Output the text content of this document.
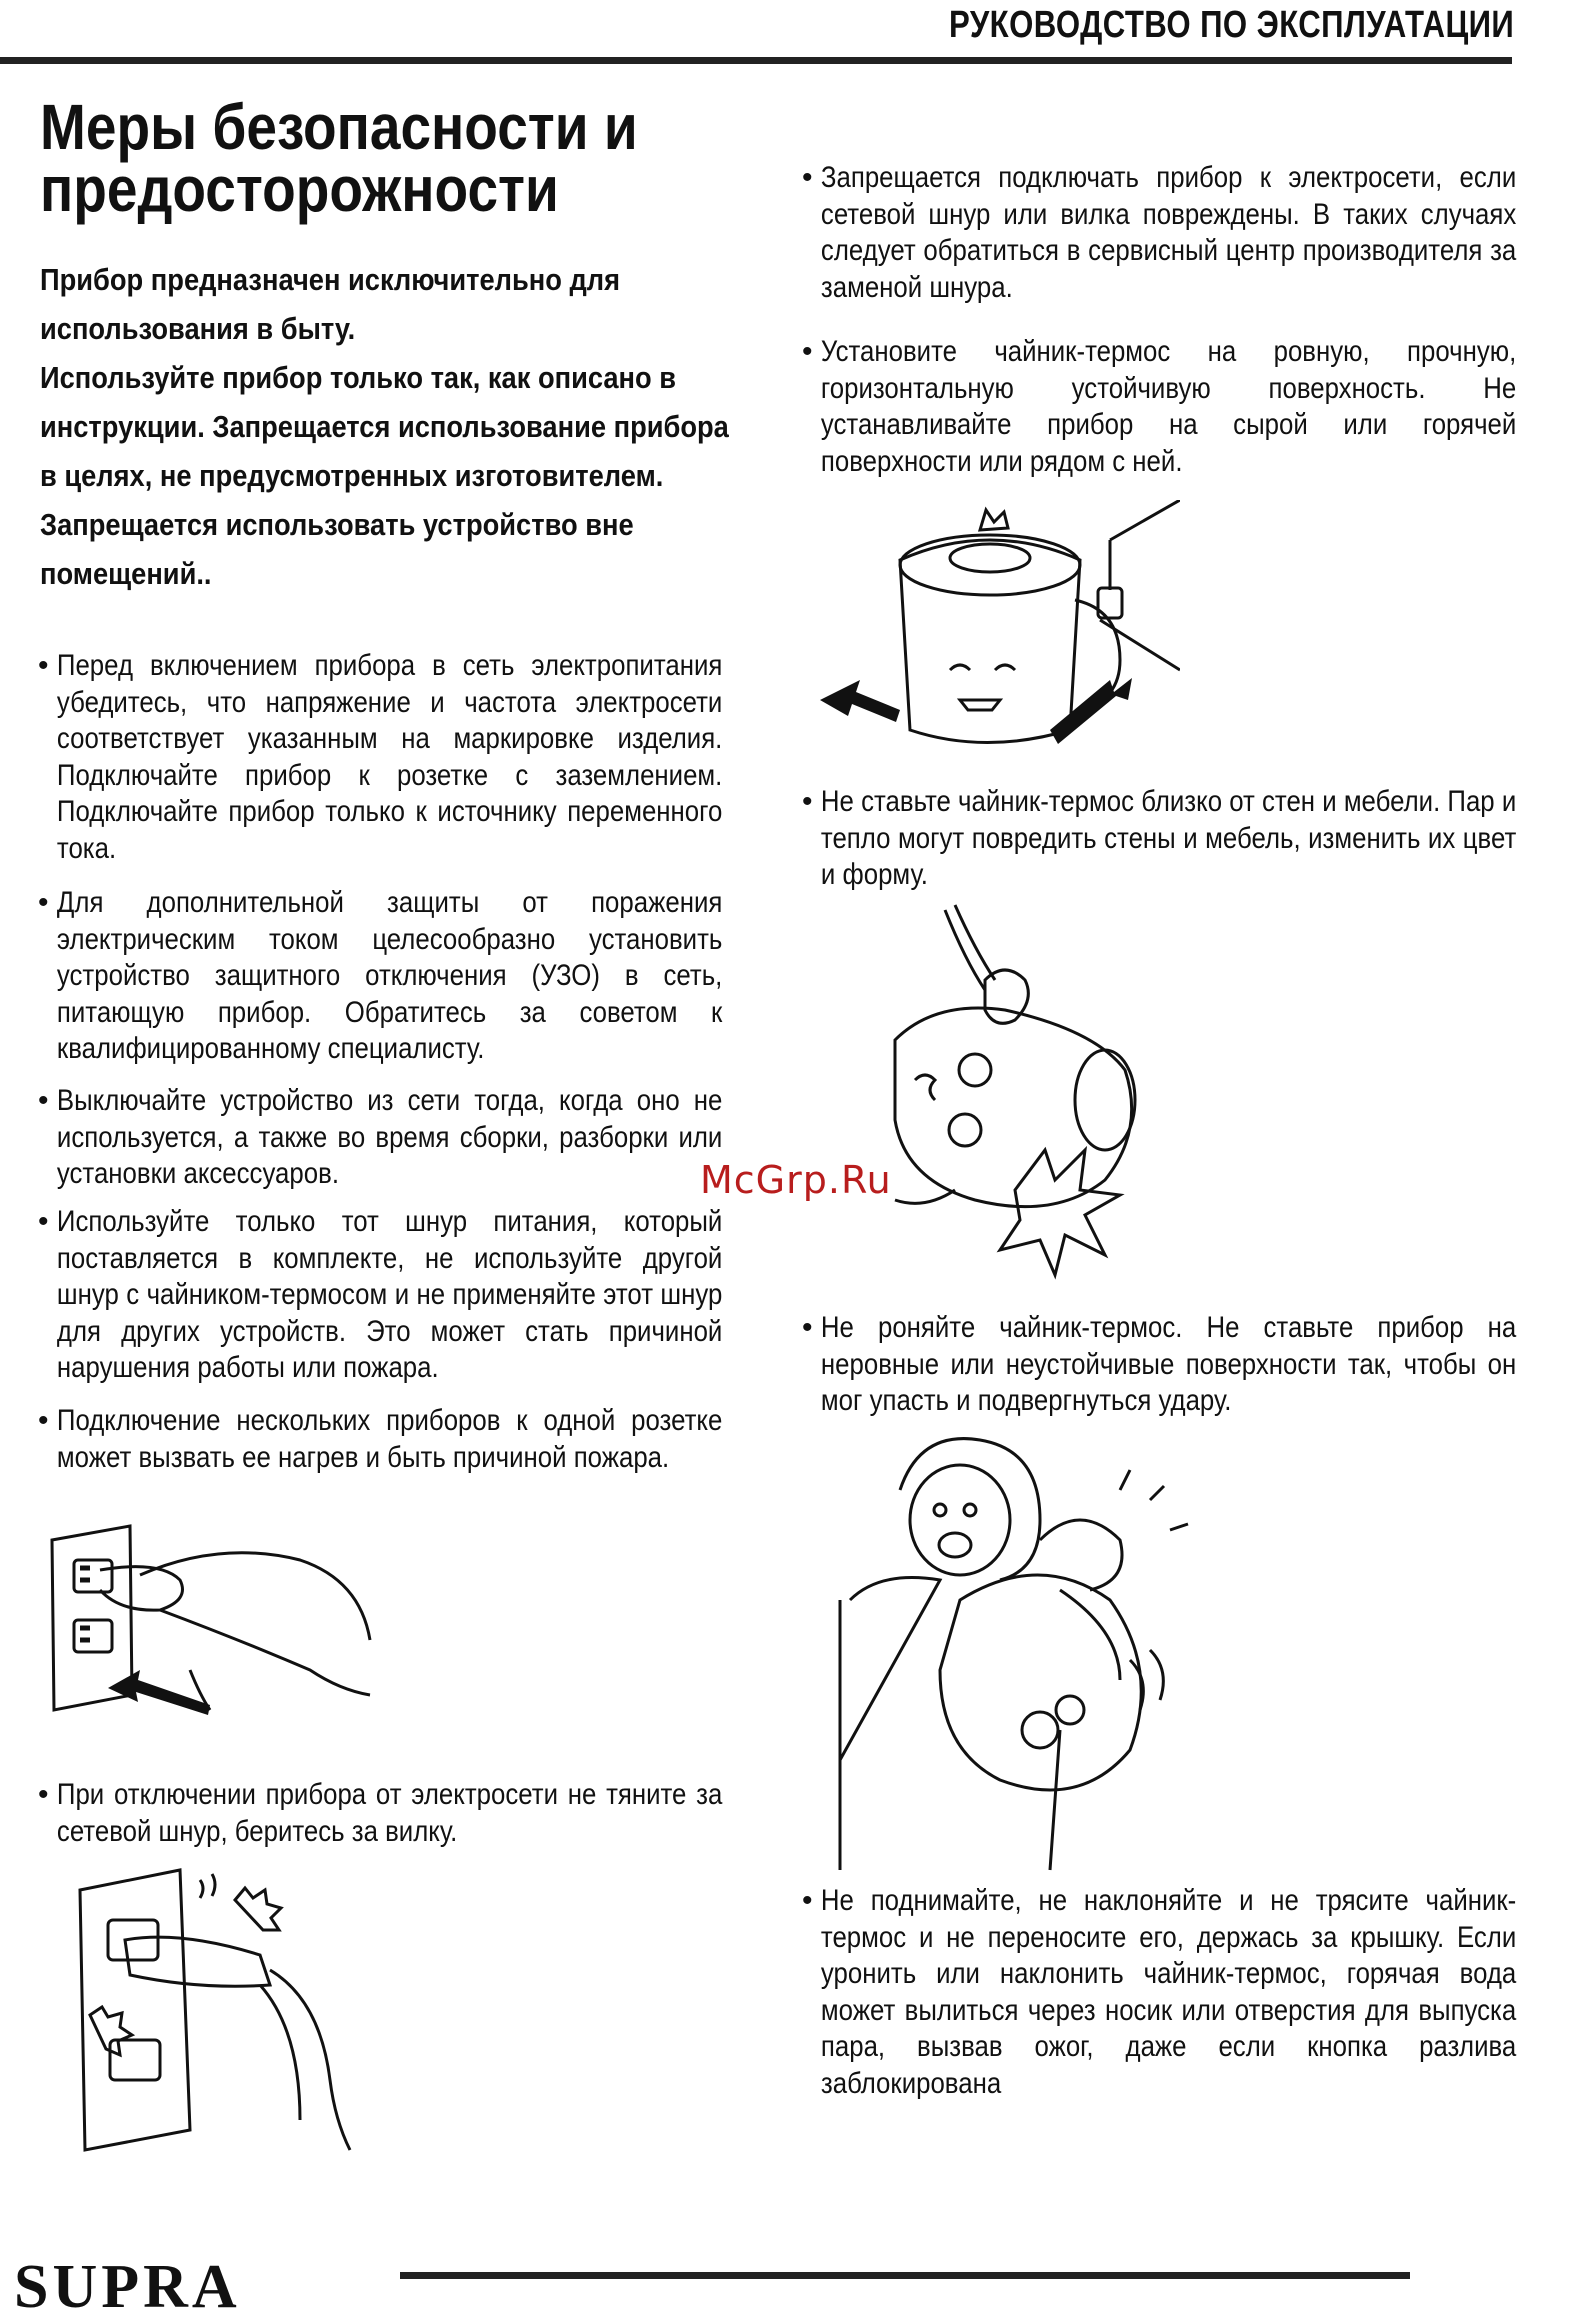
РУКОВОДСТВО ПО ЭКСПЛУАТАЦИИ
Меры безопасности и предосторожности

Прибор предназначен исключительно для использования в быту.

Используйте прибор только так, как описано в инструкции. Запрещается использование прибора в целях, не предусмотренных изготовителем.

Запрещается использовать устройство вне помещений..

• Перед включением прибора в сеть электропитания убедитесь, что напряжение и частота электросети соответствует указанным на маркировке изделия. Подключайте прибор к розетке с заземлением. Подключайте прибор только к источнику переменного тока.
• Для дополнительной защиты от поражения электрическим током целесообразно установить устройство защитного отключения (УЗО) в сеть, питающую прибор. Обратитесь за советом к квалифицированному специалисту.
• Выключайте устройство из сети тогда, когда оно не используется, а также во время сборки, разборки или установки аксессуаров.
• Используйте только тот шнур питания, который поставляется в комплекте, не используйте другой шнур с чайником-термосом и не применяйте этот шнур для других устройств. Это может стать причиной нарушения работы или пожара.
• Подключение нескольких приборов к одной розетке может вызвать ее нагрев и быть причиной пожара.
• При отключении прибора от электросети не тяните за сетевой шнур, беритесь за вилку.
• Запрещается подключать прибор к электросети, если сетевой шнур или вилка повреждены. В таких случаях следует обратиться в сервисный центр производителя за заменой шнура.
• Установите чайник-термос на ровную, прочную, горизонтальную устойчивую поверхность. Не устанавливайте прибор на сырой или горячей поверхности или рядом с ней.
• Не ставьте чайник-термос близко от стен и мебели. Пар и тепло могут повредить стены и мебель, изменить их цвет и форму.
• Не роняйте чайник-термос. Не ставьте прибор на неровные или неустойчивые поверхности так, чтобы он мог упасть и подвергнуться удару.
• Не поднимайте, не наклоняйте и не трясите чайник-термос и не переносите его, держась за крышку. Если уронить или наклонить чайник-термос, горячая вода может вылиться через носик или отверстия для выпуска пара, вызвав ожог, даже если кнопка разлива заблокирована
McGrp.Ru
SUPRA
